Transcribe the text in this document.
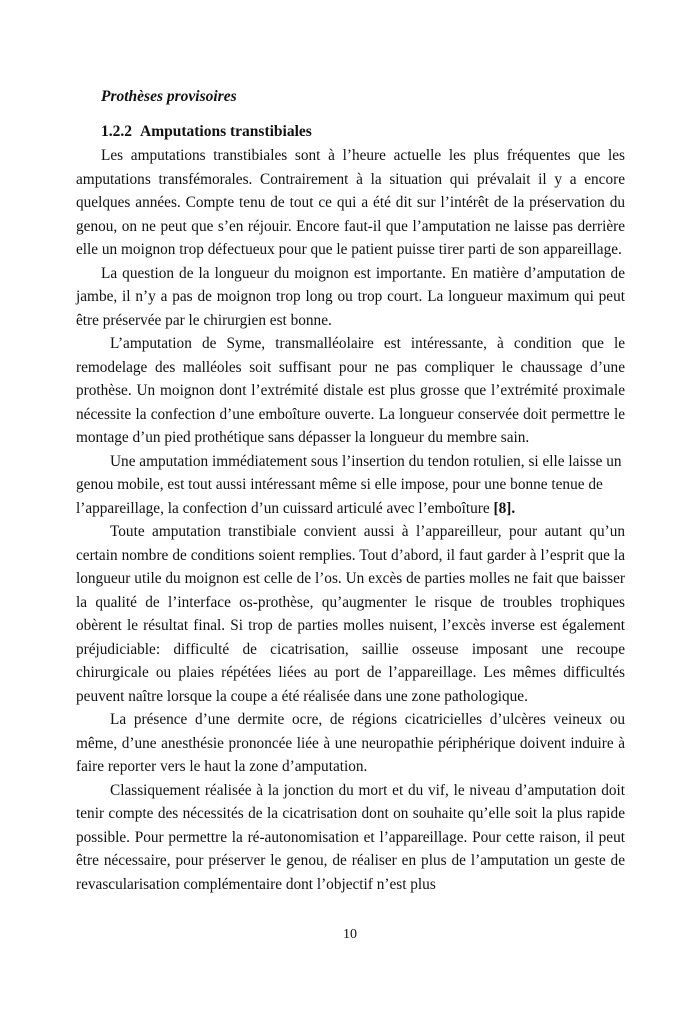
Prothèses provisoires
1.2.2 Amputations transtibiales

Les amputations transtibiales sont à l’heure actuelle les plus fréquentes que les amputations transfémorales. Contrairement à la situation qui prévalait il y a encore quelques années. Compte tenu de tout ce qui a été dit sur l’intérêt de la préservation du genou, on ne peut que s’en réjouir. Encore faut-il que l’amputation ne laisse pas derrière elle un moignon trop défectueux pour que le patient puisse tirer parti de son appareillage.

La question de la longueur du moignon est importante. En matière d’amputation de jambe, il n’y a pas de moignon trop long ou trop court. La longueur maximum qui peut être préservée par le chirurgien est bonne.

L’amputation de Syme, transmalléolaire est intéressante, à condition que le remodelage des malléoles soit suffisant pour ne pas compliquer le chaussage d’une prothèse. Un moignon dont l’extrémité distale est plus grosse que l’extrémité proximale nécessite la confection d’une emboîture ouverte. La longueur conservée doit permettre le montage d’un pied prothétique sans dépasser la longueur du membre sain.

Une amputation immédiatement sous l’insertion du tendon rotulien, si elle laisse un genou mobile, est tout aussi intéressant même si elle impose, pour une bonne tenue de l’appareillage, la confection d’un cuissard articulé avec l’emboîture [8].

Toute amputation transtibiale convient aussi à l’appareilleur, pour autant qu’un certain nombre de conditions soient remplies. Tout d’abord, il faut garder à l’esprit que la longueur utile du moignon est celle de l’os. Un excès de parties molles ne fait que baisser la qualité de l’interface os-prothèse, qu’augmenter le risque de troubles trophiques obèrent le résultat final. Si trop de parties molles nuisent, l’excès inverse est également préjudiciable: difficulté de cicatrisation, saillie osseuse imposant une recoupe chirurgicale ou plaies répétées liées au port de l’appareillage. Les mêmes difficultés peuvent naître lorsque la coupe a été réalisée dans une zone pathologique.

La présence d’une dermite ocre, de régions cicatricielles d’ulcères veineux ou même, d’une anesthésie prononcée liée à une neuropathie périphérique doivent induire à faire reporter vers le haut la zone d’amputation.

Classiquement réalisée à la jonction du mort et du vif, le niveau d’amputation doit tenir compte des nécessités de la cicatrisation dont on souhaite qu’elle soit la plus rapide possible. Pour permettre la ré-autonomisation et l’appareillage. Pour cette raison, il peut être nécessaire, pour préserver le genou, de réaliser en plus de l’amputation un geste de revascularisation complémentaire dont l’objectif n’est plus

10
